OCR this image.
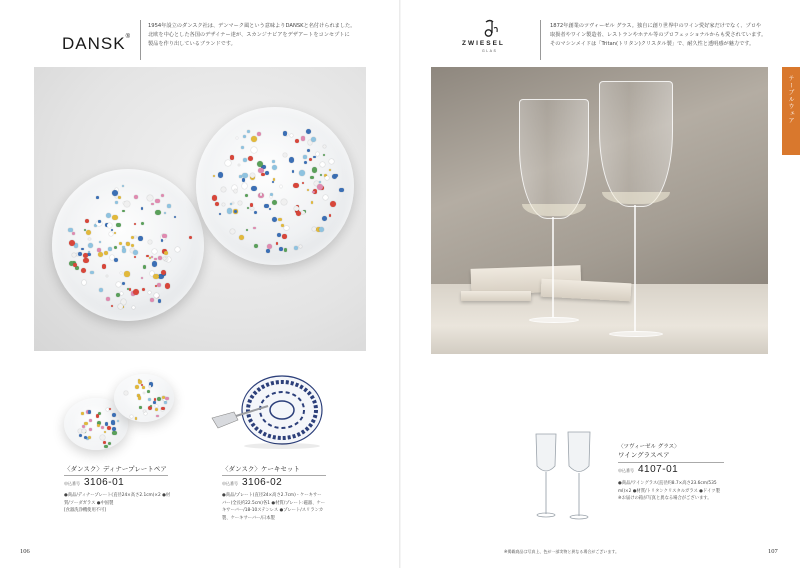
DANSK®
1954年設立のダンスク社は、デンマーク風という意味よりDANSKと名付けられました。
北欧を中心とした各国のデザイナー達が、スカンジナビアをデザアートをコンセプトに
製品を作り出しているブランドです。
〈ダンスク〉ディナープレートペア
申込番号 3106-01
●商品/ディナープレート(直径24×高さ2.1cm)×2 ●材
質/ソーダガラス ●中国製
[食器洗浄機使用不可]
〈ダンスク〉ケーキセット
申込番号 3106-02
●商品/プレート(直径24×高さ2.7cm)・ケーキサー
バー(全長約22.5cm)各1 ●材質/プレート:磁器、ケー
キサーバー/18-10ステンレス ●プレート/スリランカ
製、ケーキサーバー/日本製
106
ZWIESEL
GLAS
1872年創業のツヴィーゼル グラス。独自に創り世界中のワイン愛好家だけでなく、プロや
取扱者やワイン製造者、レストランやホテル等のプロフェッショナルからも愛されています。
そのマシンメイドは「Tritan(トリタン)クリスタル製」で、耐久性と透明感が魅力です。
テーブルウェア
〈ツヴィーゼル グラス〉
ワイングラスペア
申込番号 4107-01
●商品/ワイングラス(直径約8.7×高さ23.6cm/535
ml)×2 ●材質/トリタンクリスタルガラス ●ドイツ製
※お届けの箱が写真と異なる場合がございます。
※掲載商品は写真上、色が一部実物と異なる場合がございます。	107
